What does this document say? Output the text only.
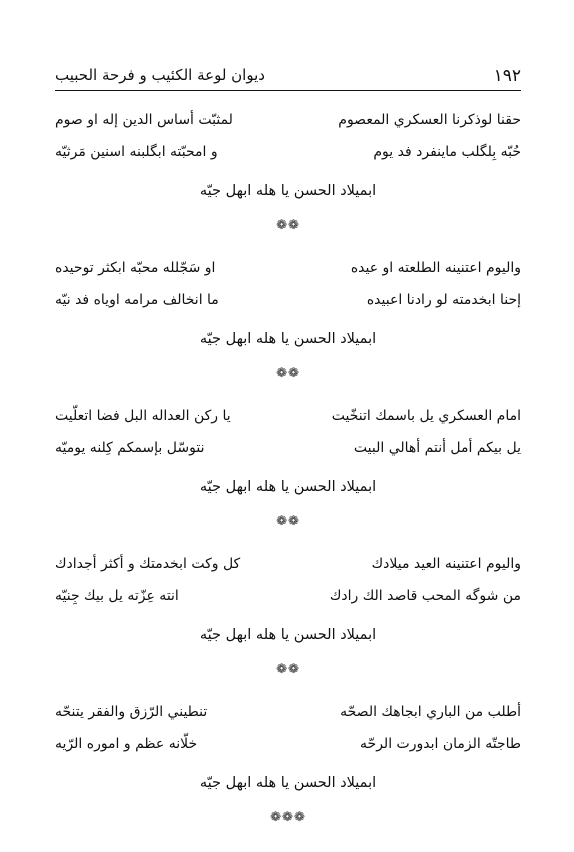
١٩٢
ديوان لوعة الكئيب و فرحة الحبيب
حقنا لوذكرنا العسكري المعصوم
لمثبّت أساس الدين إله او صوم
حُبّه بِلگلب ماينفرد فد يوم
و امحبّته ابگلبنه اسنين مَرثيّه
ابميلاد الحسن يا هله ابهل جيّه
❁❁
واليوم اعتنينه الطلعته او عيده
او سَجّلله محبّه ابكثر توحيده
إحنا ابخدمته لو رادنا اعبيده
ما انخالف مرامه اوياه فد نيّه
ابميلاد الحسن يا هله ابهل جيّه
❁❁
امام العسكري يل باسمك اتنخّيت
يا ركن العداله البل فضا اتعلّيت
يل بيكم أمل أنتم أهالي البيت
نتوسّل بإسمكم كِلنه يوميّه
ابميلاد الحسن يا هله ابهل جيّه
❁❁
واليوم اعتنينه العيد ميلادك
كل وكت ابخدمتك و أكثر أجدادك
من شوگه المحب قاصد الك رادك
انته عِزّته يل بيك جِنيّه
ابميلاد الحسن يا هله ابهل جيّه
❁❁
أطلب من الباري ابجاهك الصحّه
تنطيني الرّزق والفقر يتنحّه
طاجتّه الزمان ابدورت الرحّه
خلّانه عظم و اموره الرّيه
ابميلاد الحسن يا هله ابهل جيّه
❁❁❁
